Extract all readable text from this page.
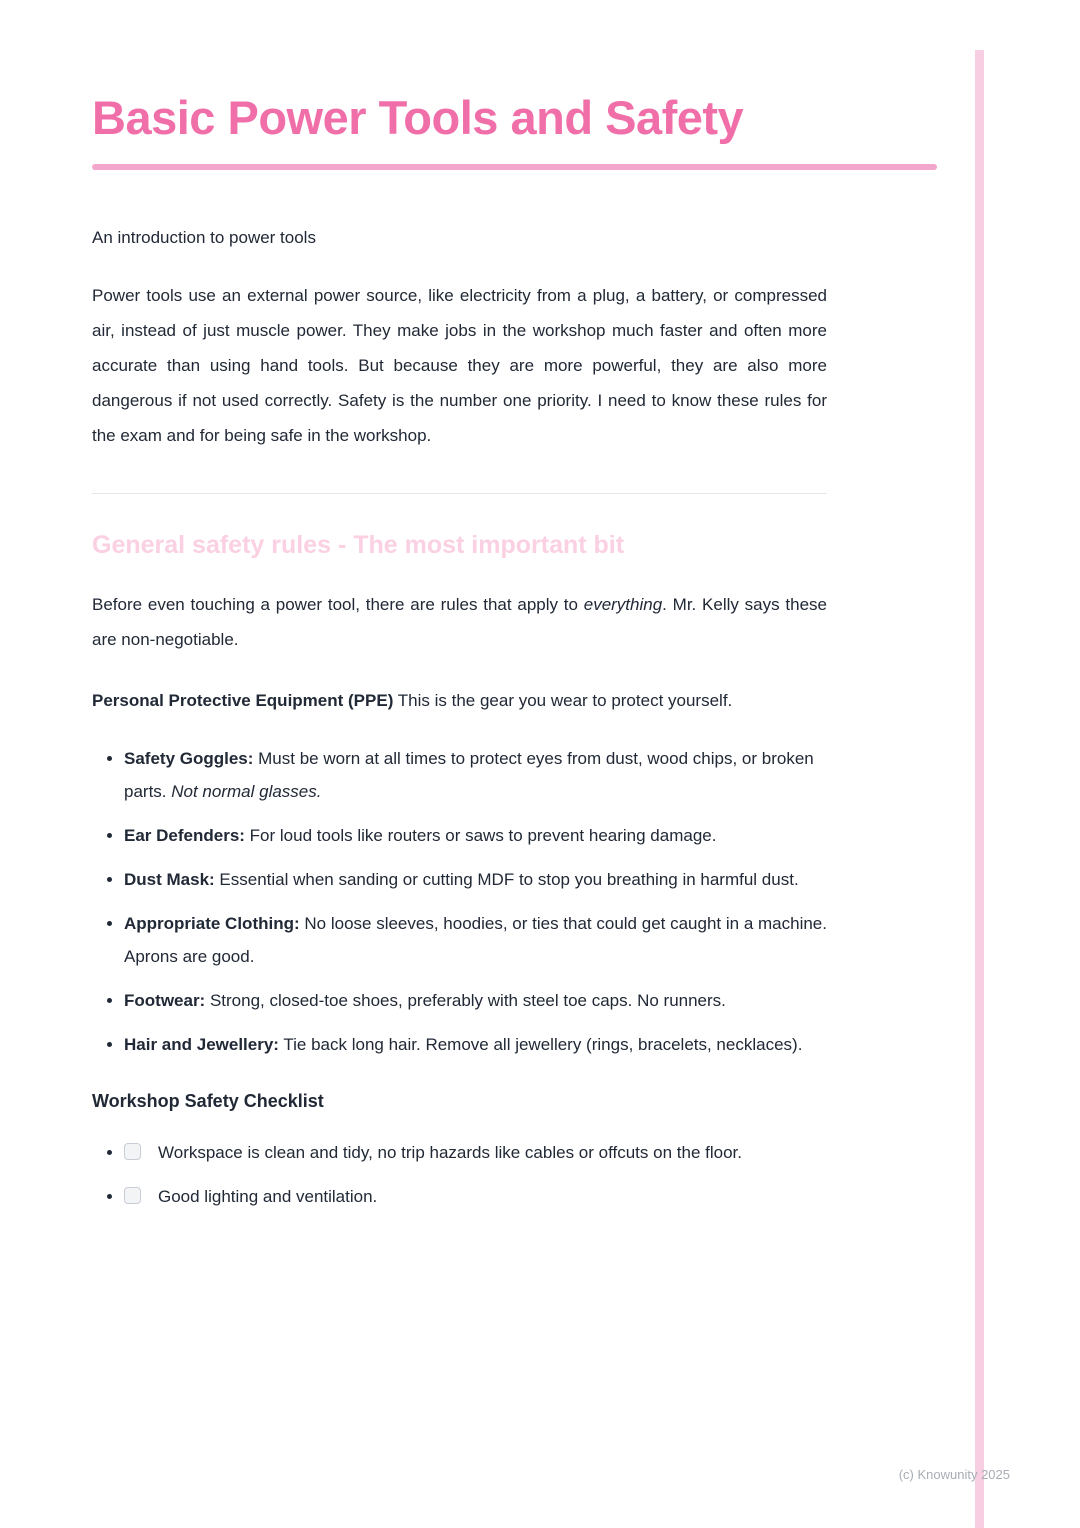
Basic Power Tools and Safety

An introduction to power tools

Power tools use an external power source, like electricity from a plug, a battery, or compressed air, instead of just muscle power. They make jobs in the workshop much faster and often more accurate than using hand tools. But because they are more powerful, they are also more dangerous if not used correctly. Safety is the number one priority. I need to know these rules for the exam and for being safe in the workshop.

General safety rules - The most important bit

Before even touching a power tool, there are rules that apply to everything. Mr. Kelly says these are non-negotiable.

Personal Protective Equipment (PPE) This is the gear you wear to protect yourself.

• Safety Goggles: Must be worn at all times to protect eyes from dust, wood chips, or broken parts. Not normal glasses.
• Ear Defenders: For loud tools like routers or saws to prevent hearing damage.
• Dust Mask: Essential when sanding or cutting MDF to stop you breathing in harmful dust.
• Appropriate Clothing: No loose sleeves, hoodies, or ties that could get caught in a machine. Aprons are good.
• Footwear: Strong, closed-toe shoes, preferably with steel toe caps. No runners.
• Hair and Jewellery: Tie back long hair. Remove all jewellery (rings, bracelets, necklaces).
Workshop Safety Checklist
• Workspace is clean and tidy, no trip hazards like cables or offcuts on the floor.
• Good lighting and ventilation.
(c) Knowunity 2025
